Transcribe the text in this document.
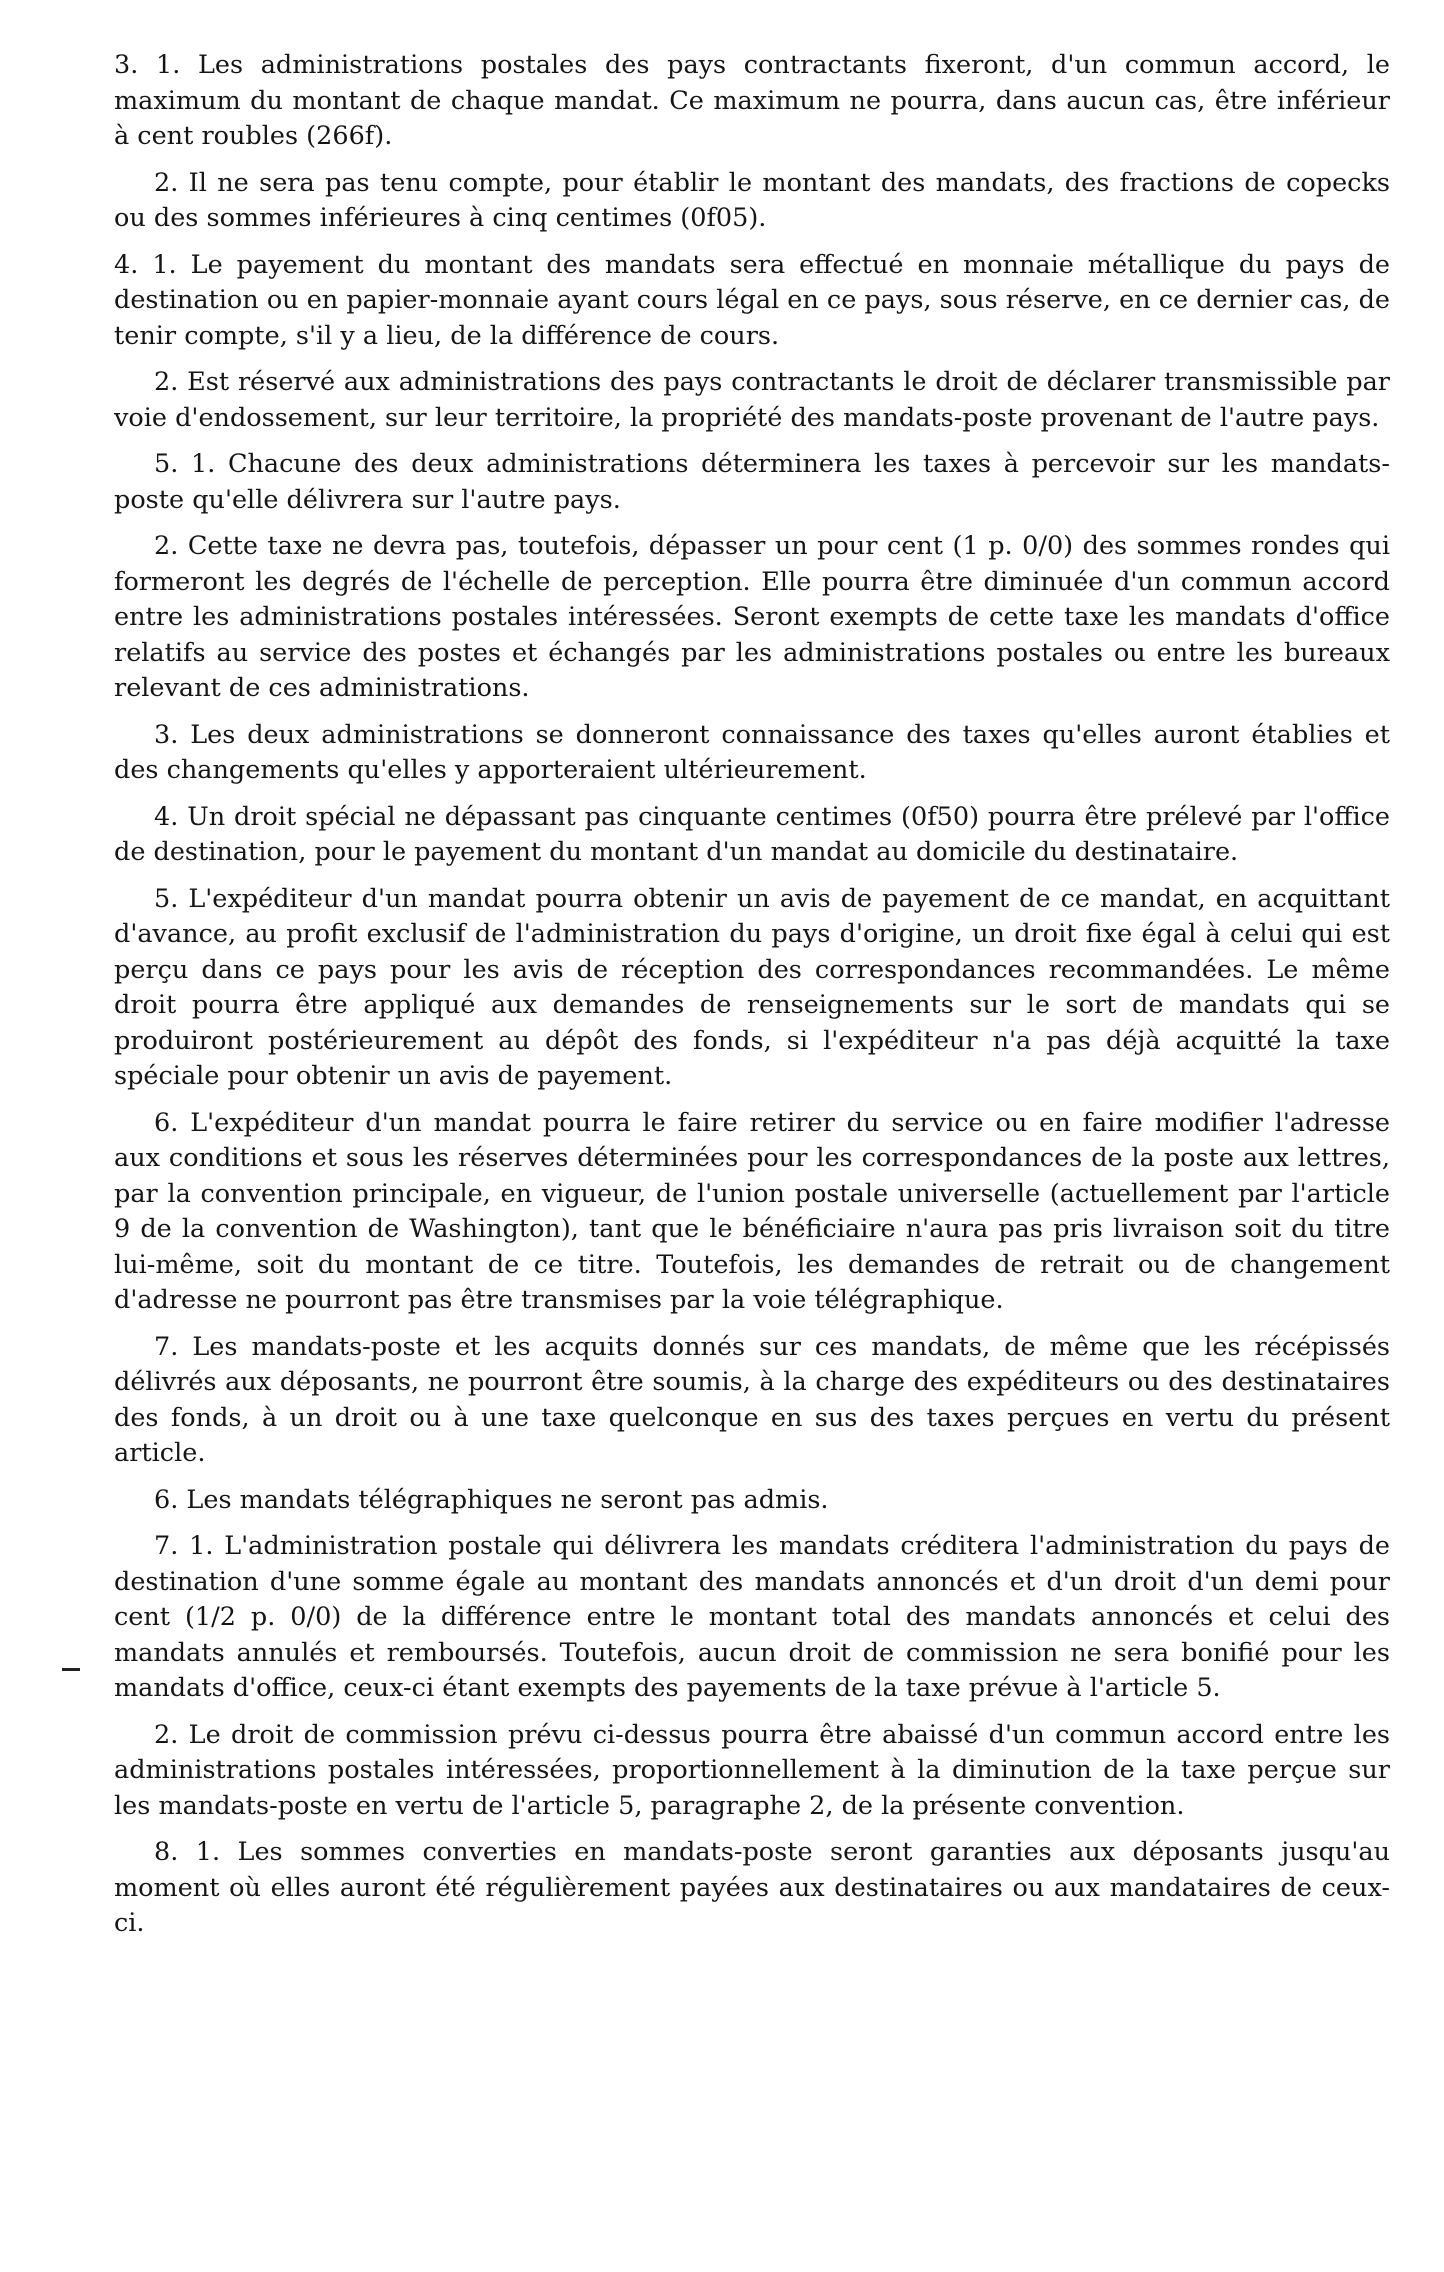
3. 1. Les administrations postales des pays contractants fixeront, d'un commun accord, le maximum du montant de chaque mandat. Ce maximum ne pourra, dans aucun cas, être inférieur à cent roubles (266f).

2. Il ne sera pas tenu compte, pour établir le montant des mandats, des fractions de copecks ou des sommes inférieures à cinq centimes (0f05).

4. 1. Le payement du montant des mandats sera effectué en monnaie métallique du pays de destination ou en papier-monnaie ayant cours légal en ce pays, sous réserve, en ce dernier cas, de tenir compte, s'il y a lieu, de la différence de cours.

2. Est réservé aux administrations des pays contractants le droit de déclarer transmissible par voie d'endossement, sur leur territoire, la propriété des mandats-poste provenant de l'autre pays.

5. 1. Chacune des deux administrations déterminera les taxes à percevoir sur les mandats-poste qu'elle délivrera sur l'autre pays.

2. Cette taxe ne devra pas, toutefois, dépasser un pour cent (1 p. 0/0) des sommes rondes qui formeront les degrés de l'échelle de perception. Elle pourra être diminuée d'un commun accord entre les administrations postales intéressées. Seront exempts de cette taxe les mandats d'office relatifs au service des postes et échangés par les administrations postales ou entre les bureaux relevant de ces administrations.

3. Les deux administrations se donneront connaissance des taxes qu'elles auront établies et des changements qu'elles y apporteraient ultérieurement.

4. Un droit spécial ne dépassant pas cinquante centimes (0f50) pourra être prélevé par l'office de destination, pour le payement du montant d'un mandat au domicile du destinataire.

5. L'expéditeur d'un mandat pourra obtenir un avis de payement de ce mandat, en acquittant d'avance, au profit exclusif de l'administration du pays d'origine, un droit fixe égal à celui qui est perçu dans ce pays pour les avis de réception des correspondances recommandées. Le même droit pourra être appliqué aux demandes de renseignements sur le sort de mandats qui se produiront postérieurement au dépôt des fonds, si l'expéditeur n'a pas déjà acquitté la taxe spéciale pour obtenir un avis de payement.

6. L'expéditeur d'un mandat pourra le faire retirer du service ou en faire modifier l'adresse aux conditions et sous les réserves déterminées pour les correspondances de la poste aux lettres, par la convention principale, en vigueur, de l'union postale universelle (actuellement par l'article 9 de la convention de Washington), tant que le bénéficiaire n'aura pas pris livraison soit du titre lui-même, soit du montant de ce titre. Toutefois, les demandes de retrait ou de changement d'adresse ne pourront pas être transmises par la voie télégraphique.

7. Les mandats-poste et les acquits donnés sur ces mandats, de même que les récépissés délivrés aux déposants, ne pourront être soumis, à la charge des expéditeurs ou des destinataires des fonds, à un droit ou à une taxe quelconque en sus des taxes perçues en vertu du présent article.

6. Les mandats télégraphiques ne seront pas admis.

7. 1. L'administration postale qui délivrera les mandats créditera l'administration du pays de destination d'une somme égale au montant des mandats annoncés et d'un droit d'un demi pour cent (1/2 p. 0/0) de la différence entre le montant total des mandats annoncés et celui des mandats annulés et remboursés. Toutefois, aucun droit de commission ne sera bonifié pour les mandats d'office, ceux-ci étant exempts des payements de la taxe prévue à l'article 5.

2. Le droit de commission prévu ci-dessus pourra être abaissé d'un commun accord entre les administrations postales intéressées, proportionnellement à la diminution de la taxe perçue sur les mandats-poste en vertu de l'article 5, paragraphe 2, de la présente convention.

8. 1. Les sommes converties en mandats-poste seront garanties aux déposants jusqu'au moment où elles auront été régulièrement payées aux destinataires ou aux mandataires de ceux-ci.
